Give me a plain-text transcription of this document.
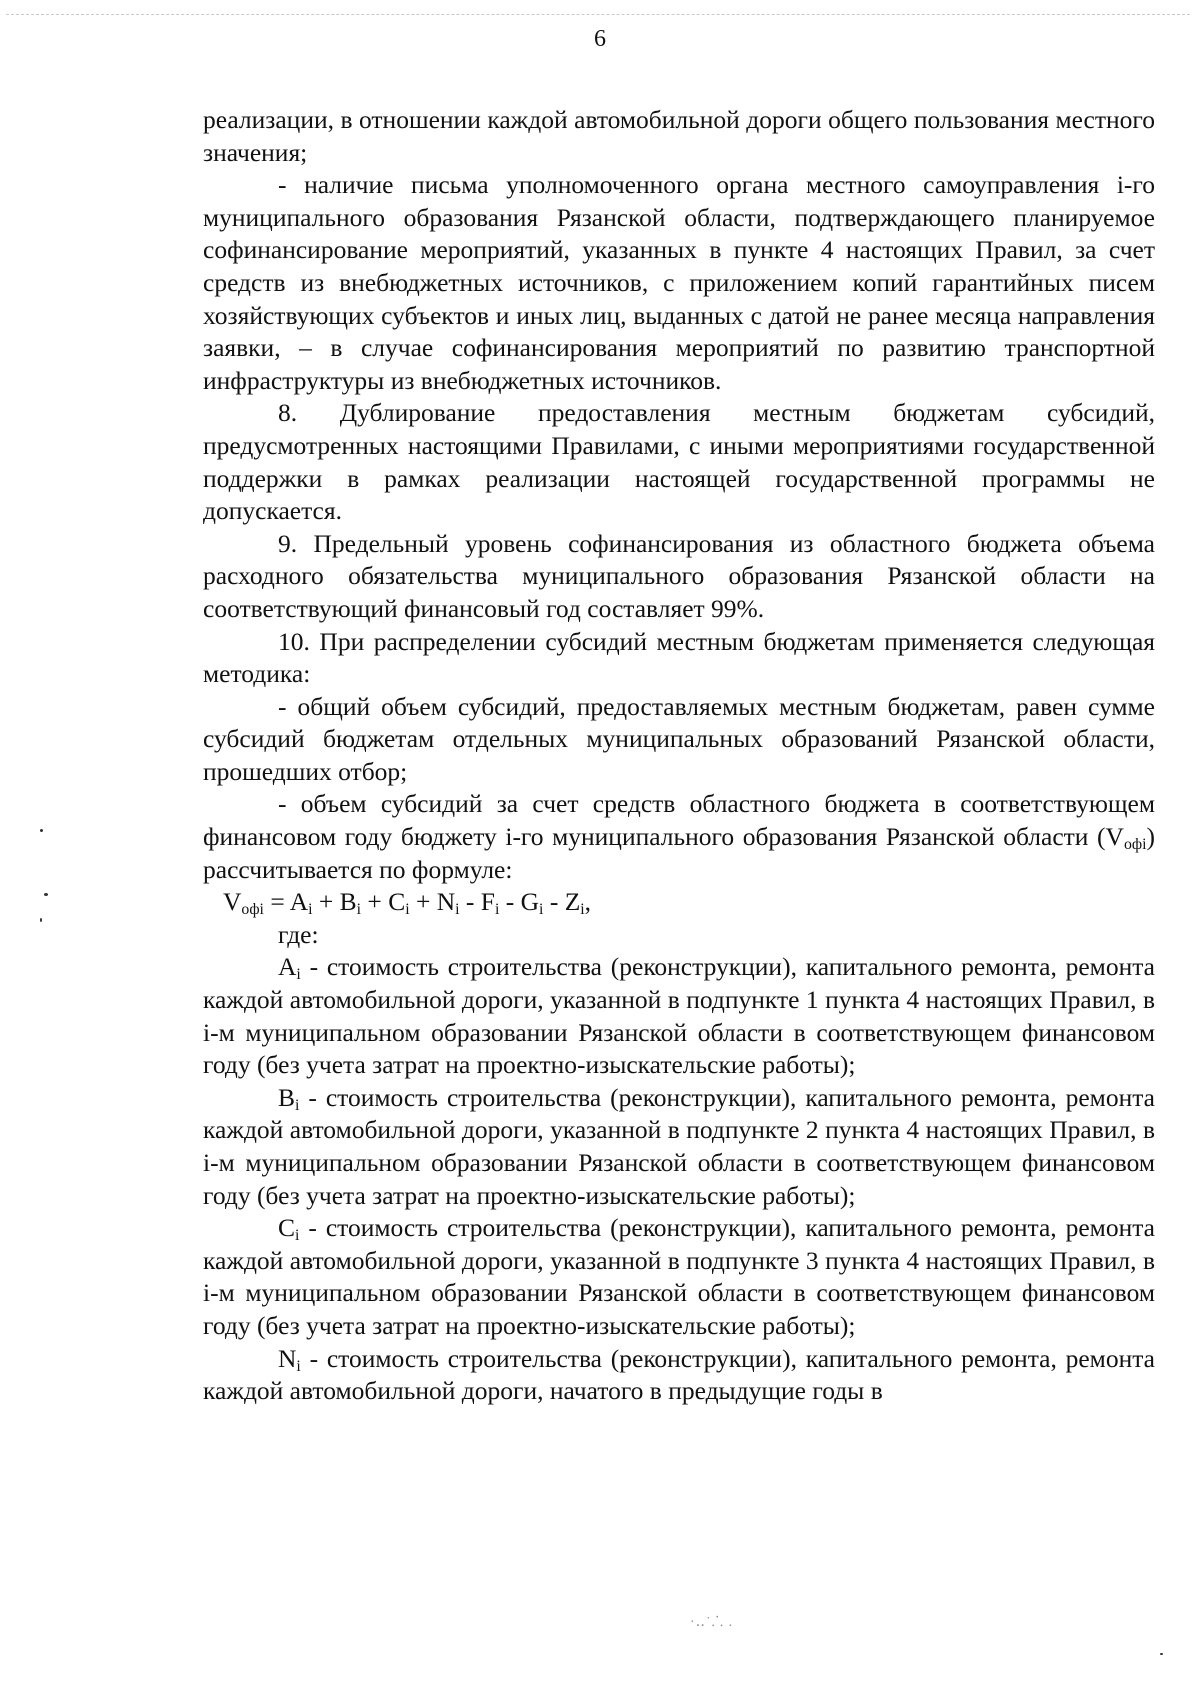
6

реализации, в отношении каждой автомобильной дороги общего пользования местного значения;

- наличие письма уполномоченного органа местного самоуправления i-го муниципального образования Рязанской области, подтверждающего планируемое софинансирование мероприятий, указанных в пункте 4 настоящих Правил, за счет средств из внебюджетных источников, с приложением копий гарантийных писем хозяйствующих субъектов и иных лиц, выданных с датой не ранее месяца направления заявки, – в случае софинансирования мероприятий по развитию транспортной инфраструктуры из внебюджетных источников.

8. Дублирование предоставления местным бюджетам субсидий, предусмотренных настоящими Правилами, с иными мероприятиями государственной поддержки в рамках реализации настоящей государственной программы не допускается.

9. Предельный уровень софинансирования из областного бюджета объема расходного обязательства муниципального образования Рязанской области на соответствующий финансовый год составляет 99%.

10. При распределении субсидий местным бюджетам применяется следующая методика:

- общий объем субсидий, предоставляемых местным бюджетам, равен сумме субсидий бюджетам отдельных муниципальных образований Рязанской области, прошедших отбор;

- объем субсидий за счет средств областного бюджета в соответствующем финансовом году бюджету i-го муниципального образования Рязанской области $(V_{офi})$ рассчитывается по формуле:

$V_{офi} = A_i + B_i + C_i + N_i - F_i - G_i - Z_i$,

где:

$A_i$ - стоимость строительства (реконструкции), капитального ремонта, ремонта каждой автомобильной дороги, указанной в подпункте 1 пункта 4 настоящих Правил, в i-м муниципальном образовании Рязанской области в соответствующем финансовом году (без учета затрат на проектно-изыскательские работы);

$B_i$ - стоимость строительства (реконструкции), капитального ремонта, ремонта каждой автомобильной дороги, указанной в подпункте 2 пункта 4 настоящих Правил, в i-м муниципальном образовании Рязанской области в соответствующем финансовом году (без учета затрат на проектно-изыскательские работы);

$C_i$ - стоимость строительства (реконструкции), капитального ремонта, ремонта каждой автомобильной дороги, указанной в подпункте 3 пункта 4 настоящих Правил, в i-м муниципальном образовании Рязанской области в соответствующем финансовом году (без учета затрат на проектно-изыскательские работы);

$N_i$ - стоимость строительства (реконструкции), капитального ремонта, ремонта каждой автомобильной дороги, начатого в предыдущие годы в

·‥˙⸫ .
